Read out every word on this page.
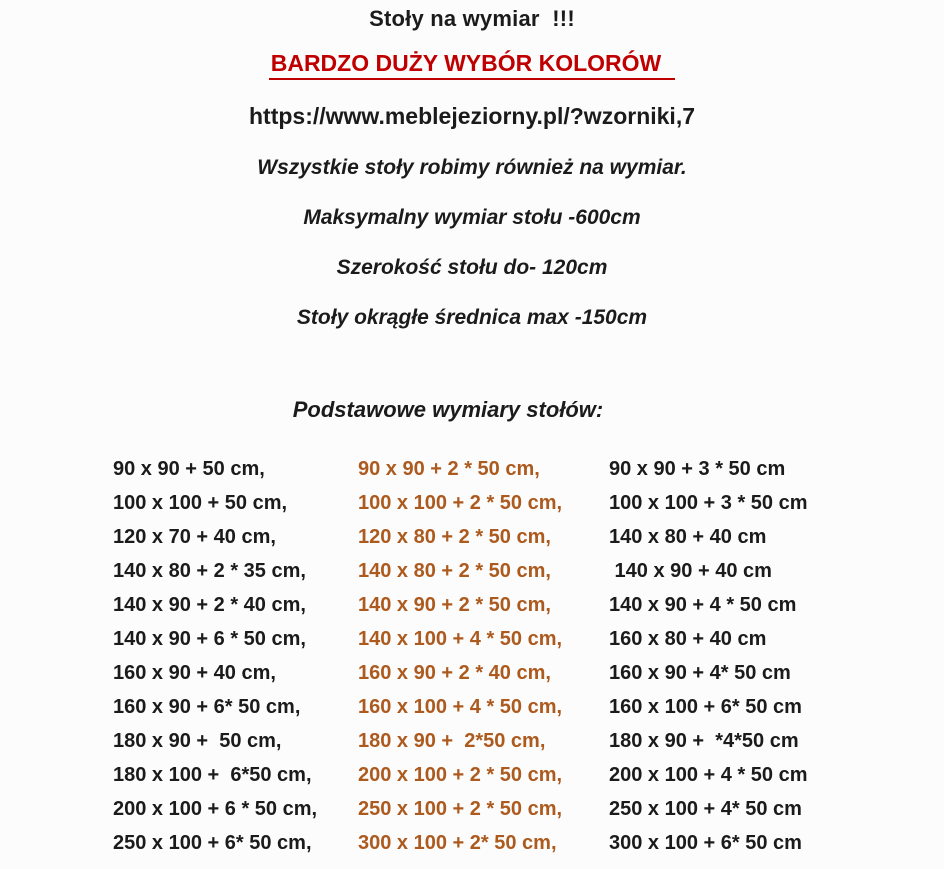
Stoły na wymiar  !!!
BARDZO DUŻY WYBÓR KOLORÓW
https://www.meblejeziorny.pl/?wzorniki,7
Wszystkie stoły robimy również na wymiar.
Maksymalny wymiar stołu -600cm
Szerokość stołu do- 120cm
Stoły okrągłe średnica max -150cm
Podstawowe wymiary stołów:
90 x 90 + 50 cm,	90 x 90 + 2 * 50 cm,	90 x 90 + 3 * 50 cm
100 x 100 + 50 cm,	100 x 100 + 2 * 50 cm,	100 x 100 + 3 * 50 cm
120 x 70 + 40 cm,	120 x 80 + 2 * 50 cm,	140 x 80 + 40 cm
140 x 80 + 2 * 35 cm,	140 x 80 + 2 * 50 cm,	140 x 90 + 40 cm
140 x 90 + 2 * 40 cm,	140 x 90 + 2 * 50 cm,	140 x 90 + 4 * 50 cm
140 x 90 + 6 * 50 cm,	140 x 100 + 4 * 50 cm,	160 x 80 + 40 cm
160 x 90 + 40 cm,	160 x 90 + 2 * 40 cm,	160 x 90 + 4* 50 cm
160 x 90 + 6* 50 cm,	160 x 100 + 4 * 50 cm,	160 x 100 + 6* 50 cm
180 x 90 +  50 cm,	180 x 90 +  2*50 cm,	180 x 90 +  *4*50 cm
180 x 100 +  6*50 cm,	200 x 100 + 2 * 50 cm,	200 x 100 + 4 * 50 cm
200 x 100 + 6 * 50 cm,	250 x 100 + 2 * 50 cm,	250 x 100 + 4* 50 cm
250 x 100 + 6* 50 cm,	300 x 100 + 2* 50 cm,	300 x 100 + 6* 50 cm
